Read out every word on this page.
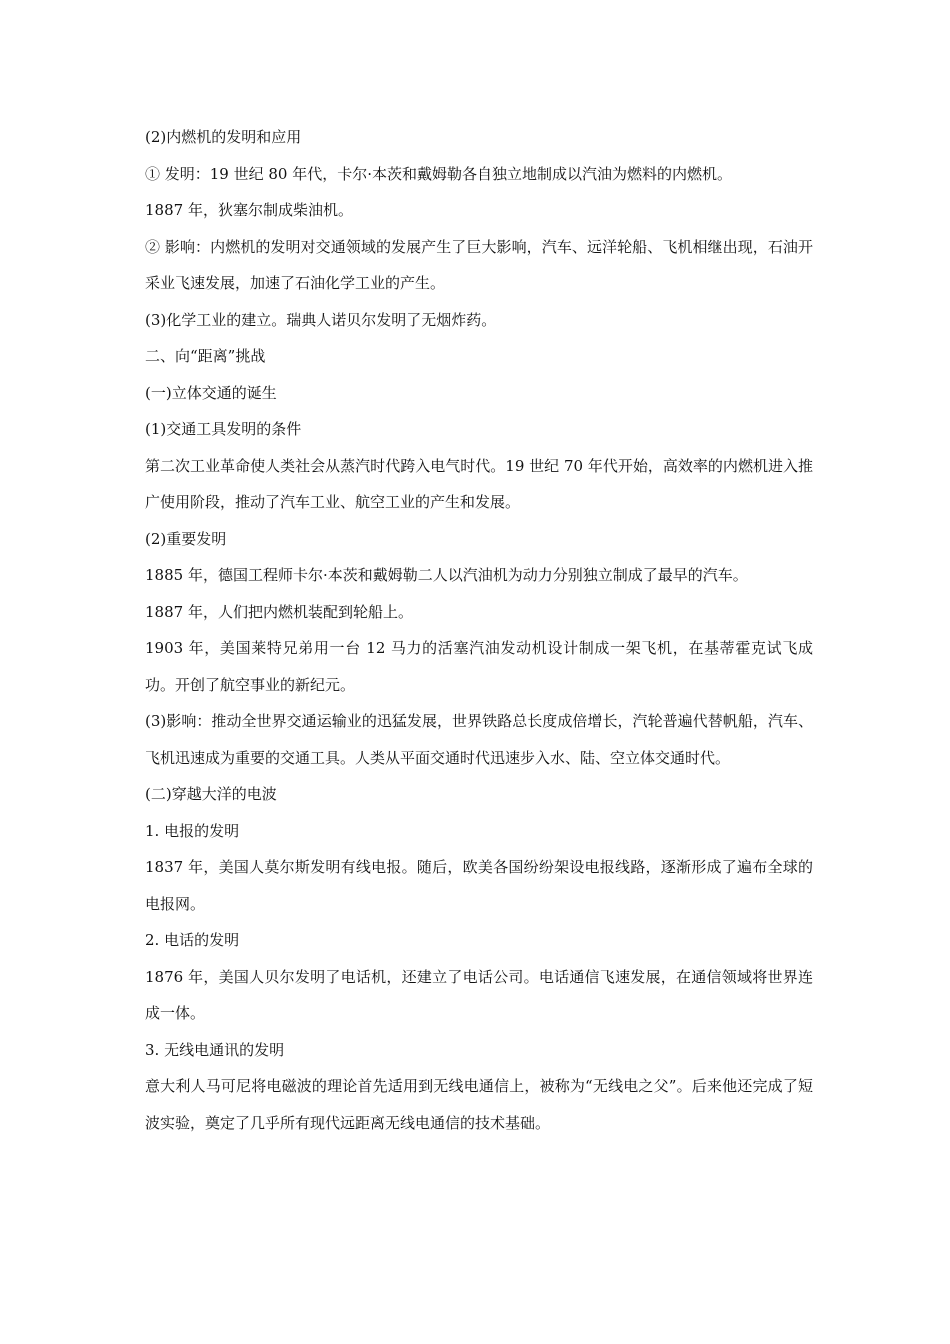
(2)内燃机的发明和应用
① 发明：19 世纪 80 年代，卡尔·本茨和戴姆勒各自独立地制成以汽油为燃料的内燃机。
1887 年，狄塞尔制成柴油机。
② 影响：内燃机的发明对交通领域的发展产生了巨大影响，汽车、远洋轮船、飞机相继出现，石油开采业飞速发展，加速了石油化学工业的产生。
(3)化学工业的建立。瑞典人诺贝尔发明了无烟炸药。
二、向“距离”挑战
(一)立体交通的诞生
(1)交通工具发明的条件
第二次工业革命使人类社会从蒸汽时代跨入电气时代。19 世纪 70 年代开始，高效率的内燃机进入推广使用阶段，推动了汽车工业、航空工业的产生和发展。
(2)重要发明
1885 年，德国工程师卡尔·本茨和戴姆勒二人以汽油机为动力分别独立制成了最早的汽车。
1887 年，人们把内燃机装配到轮船上。
1903 年，美国莱特兄弟用一台 12 马力的活塞汽油发动机设计制成一架飞机，在基蒂霍克试飞成功。开创了航空事业的新纪元。
(3)影响：推动全世界交通运输业的迅猛发展，世界铁路总长度成倍增长，汽轮普遍代替帆船，汽车、飞机迅速成为重要的交通工具。人类从平面交通时代迅速步入水、陆、空立体交通时代。
(二)穿越大洋的电波
1. 电报的发明
1837 年，美国人莫尔斯发明有线电报。随后，欧美各国纷纷架设电报线路，逐渐形成了遍布全球的电报网。
2. 电话的发明
1876 年，美国人贝尔发明了电话机，还建立了电话公司。电话通信飞速发展，在通信领域将世界连成一体。
3. 无线电通讯的发明
意大利人马可尼将电磁波的理论首先适用到无线电通信上，被称为“无线电之父”。后来他还完成了短波实验，奠定了几乎所有现代远距离无线电通信的技术基础。
